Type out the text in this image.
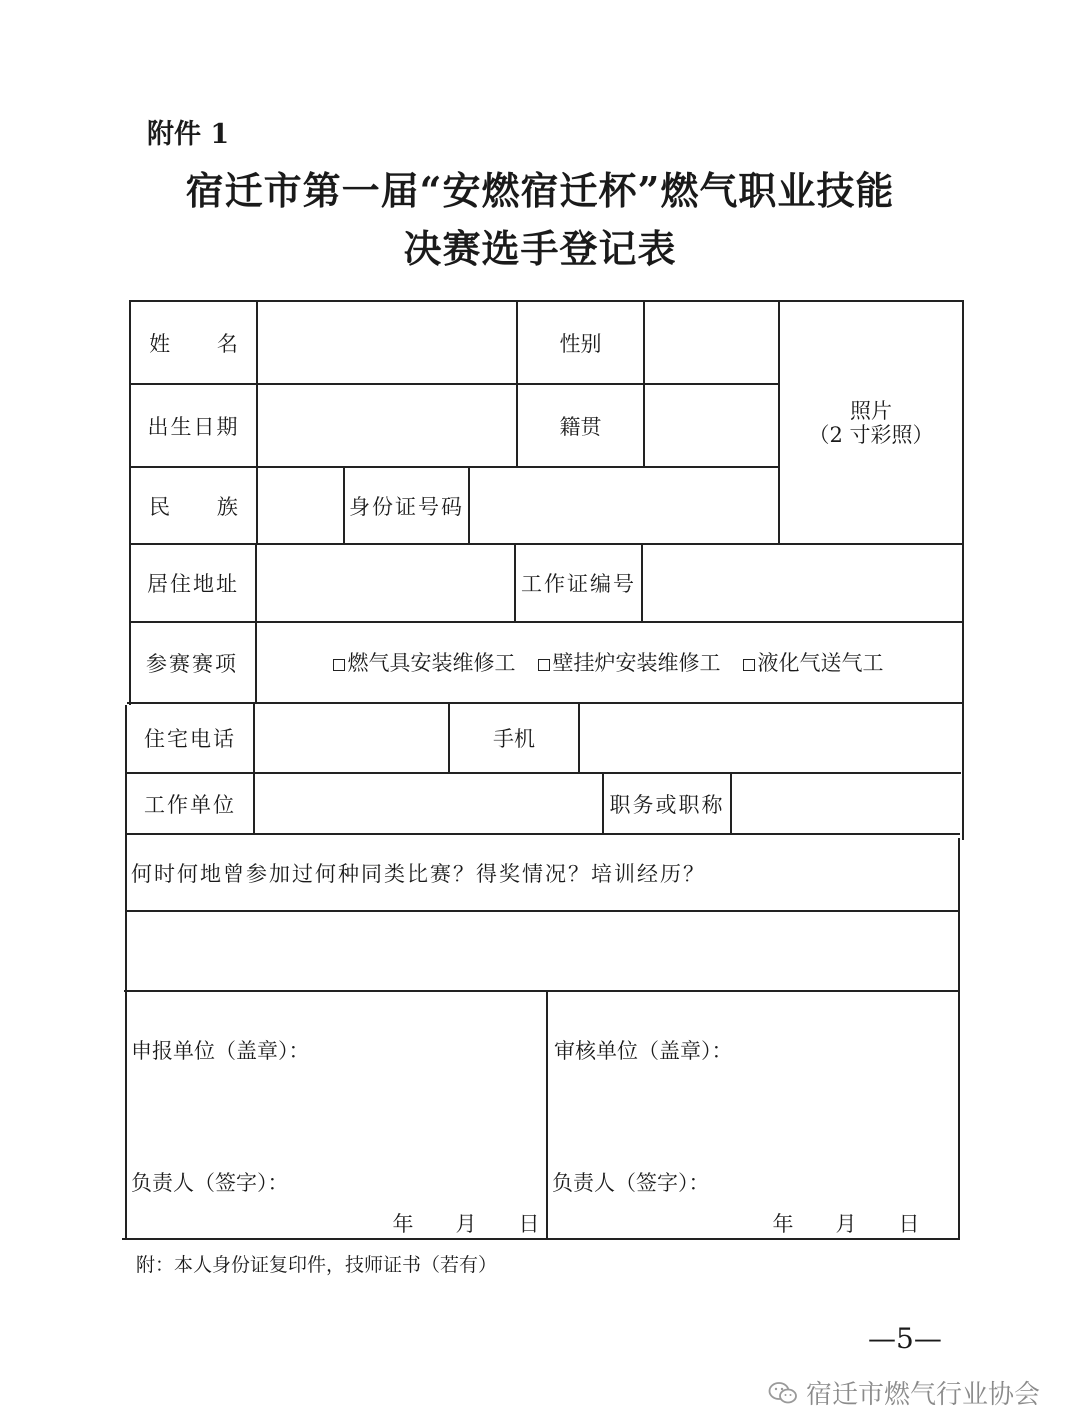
附件 1
宿迁市第一届“安燃宿迁杯”燃气职业技能
决赛选手登记表
姓 名	性别
出生日期	籍贯
照片
（2 寸彩照）
民 族	身份证号码
居住地址	工作证编号
参赛赛项	燃气具安装维修工	壁挂炉安装维修工	液化气送气工
住宅电话	手机
工作单位	职务或职称
何时何地曾参加过何种同类比赛？得奖情况？培训经历？
申报单位（盖章）：	审核单位（盖章）：
负责人（签字）：	负责人（签字）：
年　　月　　日	年　　月　　日
附：本人身份证复印件，技师证书（若有）
—5—
宿迁市燃气行业协会
